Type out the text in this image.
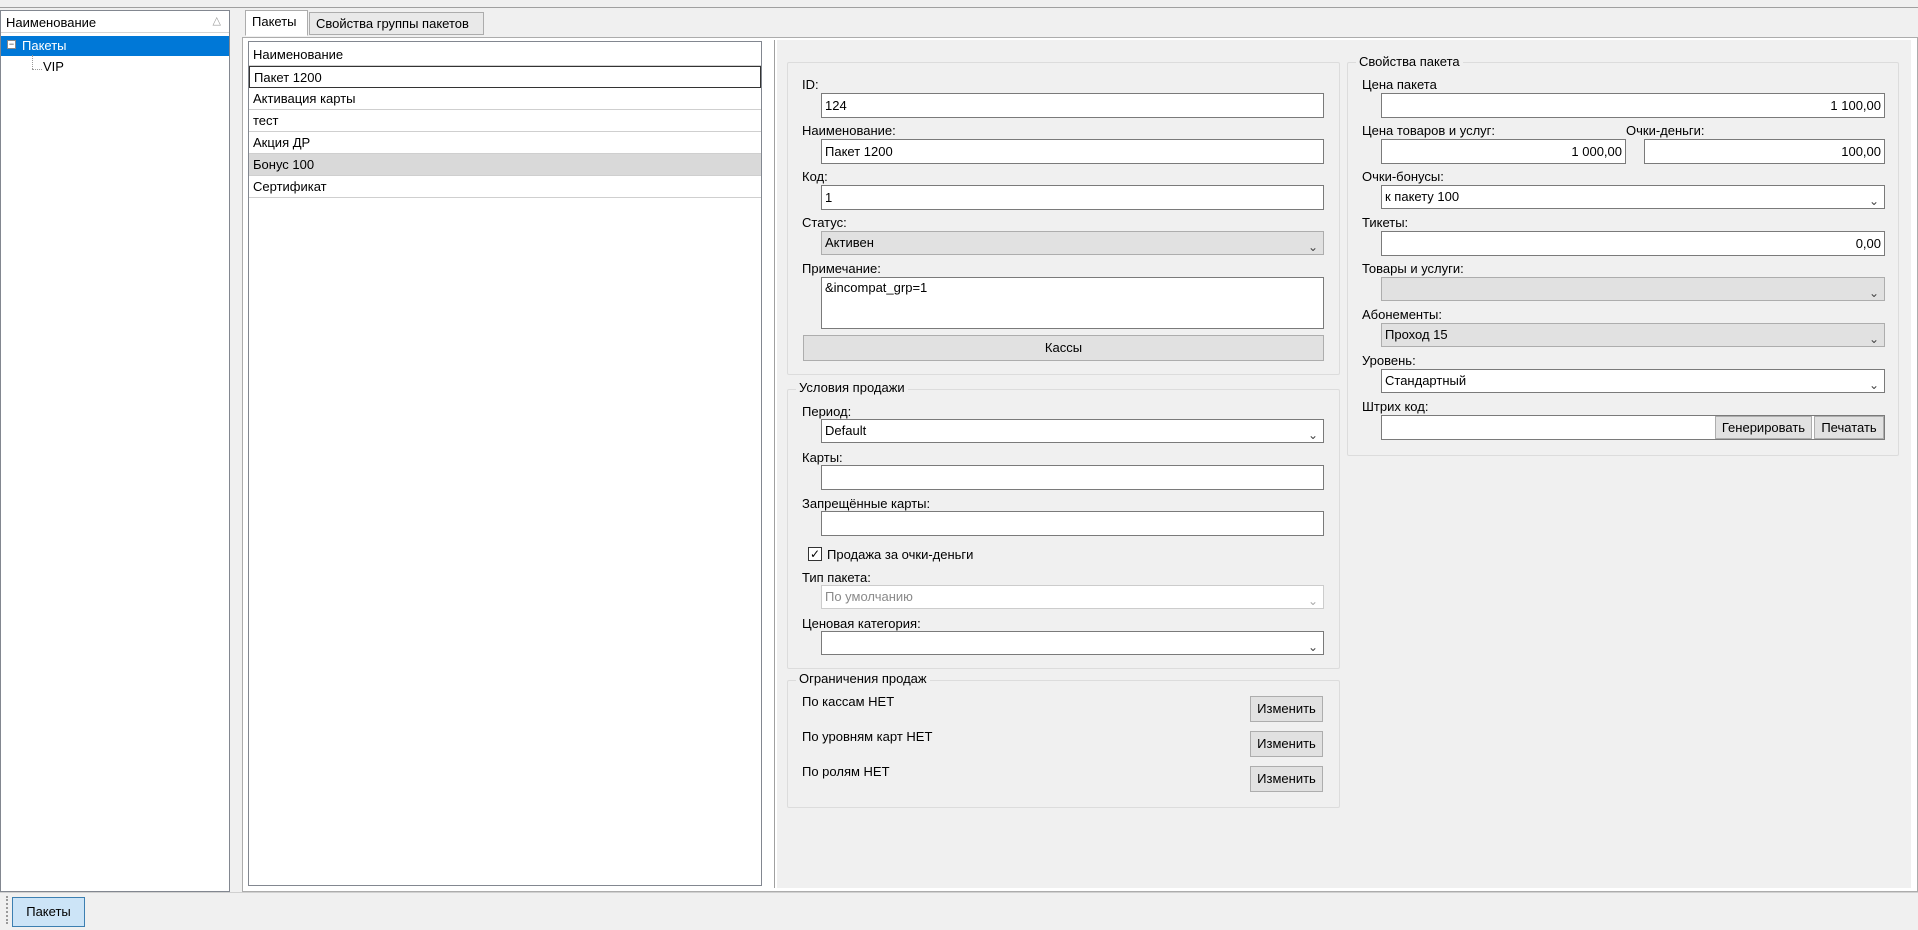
Наименование	△
− Пакеты
VIP
Пакеты	Свойства группы пакетов
Наименование
Пакет 1200
Активация карты
тест
Акция ДР
Бонус 100
Сертификат
ID:
124
Наименование:
Пакет 1200
Код:
1
Статус:
Активен	⌄
Примечание:
&incompat_grp=1
Кассы
Условия продажи
Период:
Default	⌄
Карты:
Запрещённые карты:
✓ Продажа за очки-деньги
Тип пакета:
По умолчанию	⌄
Ценовая категория:
⌄
Ограничения продаж
По кассам НЕТ	Изменить
По уровням карт НЕТ	Изменить
По ролям НЕТ	Изменить
Свойства пакета
Цена пакета
1 100,00
Цена товаров и услуг:
1 000,00
Очки-деньги:
100,00
Очки-бонусы:
к пакету 100	⌄
Тикеты:
0,00
Товары и услуги:
⌄
Абонементы:
Проход 15	⌄
Уровень:
Стандартный	⌄
Штрих код:
Генерировать	Печатать
Пакеты
